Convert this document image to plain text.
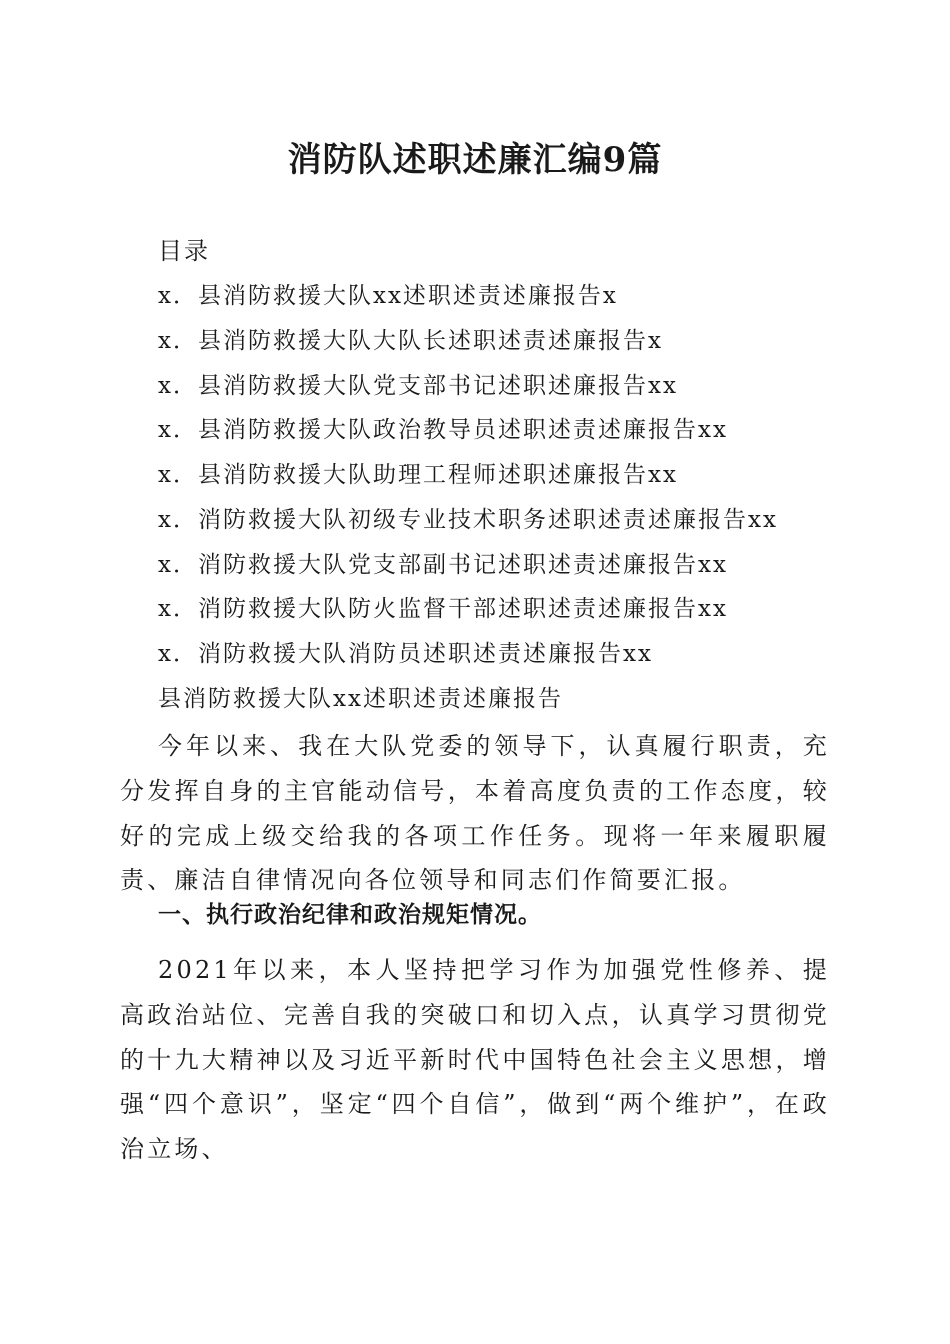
消防队述职述廉汇编9篇
目录
x．县消防救援大队xx述职述责述廉报告x
x．县消防救援大队大队长述职述责述廉报告x
x．县消防救援大队党支部书记述职述廉报告xx
x．县消防救援大队政治教导员述职述责述廉报告xx
x．县消防救援大队助理工程师述职述廉报告xx
x．消防救援大队初级专业技术职务述职述责述廉报告xx
x．消防救援大队党支部副书记述职述责述廉报告xx
x．消防救援大队防火监督干部述职述责述廉报告xx
x．消防救援大队消防员述职述责述廉报告xx
县消防救援大队xx述职述责述廉报告

今年以来、我在大队党委的领导下，认真履行职责，充分发挥自身的主官能动信号，本着高度负责的工作态度，较好的完成上级交给我的各项工作任务。现将一年来履职履责、廉洁自律情况向各位领导和同志们作简要汇报。

一、执行政治纪律和政治规矩情况。

2021年以来，本人坚持把学习作为加强党性修养、提高政治站位、完善自我的突破口和切入点，认真学习贯彻党的十九大精神以及习近平新时代中国特色社会主义思想，增强“四个意识”，坚定“四个自信”，做到“两个维护”，在政治立场、
